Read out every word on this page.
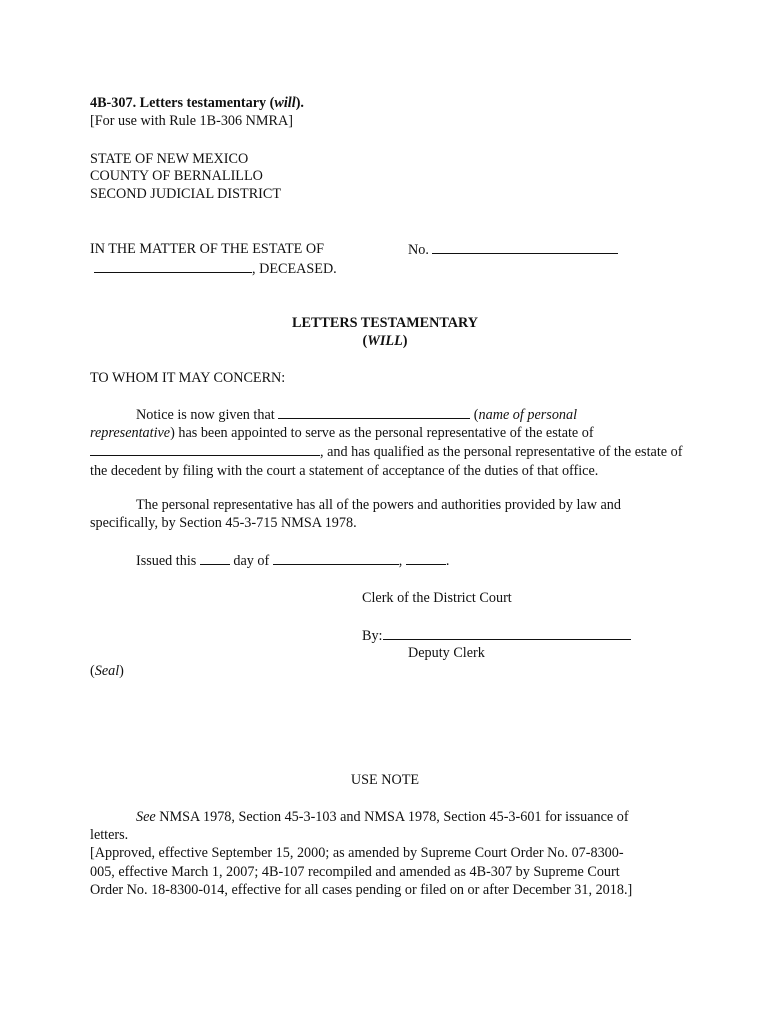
4B-307. Letters testamentary (will).
[For use with Rule 1B-306 NMRA]
STATE OF NEW MEXICO
COUNTY OF BERNALILLO
SECOND JUDICIAL DISTRICT
IN THE MATTER OF THE ESTATE OF
, DECEASED.
No.
LETTERS TESTAMENTARY
(WILL)
TO WHOM IT MAY CONCERN:

Notice is now given that	(name of personal

representative) has been appointed to serve as the personal representative of the estate of

, and has qualified as the personal representative of the estate of

the decedent by filing with the court a statement of acceptance of the duties of that office.

The personal representative has all of the powers and authorities provided by law and

specifically, by Section 45-3-715 NMSA 1978.

Issued this	day of	,	.
Clerk of the District Court
By:
Deputy Clerk
(Seal)
USE NOTE

See NMSA 1978, Section 45-3-103 and NMSA 1978, Section 45-3-601 for issuance of

letters.

[Approved, effective September 15, 2000; as amended by Supreme Court Order No. 07-8300-

005, effective March 1, 2007; 4B-107 recompiled and amended as 4B-307 by Supreme Court

Order No. 18-8300-014, effective for all cases pending or filed on or after December 31, 2018.]
